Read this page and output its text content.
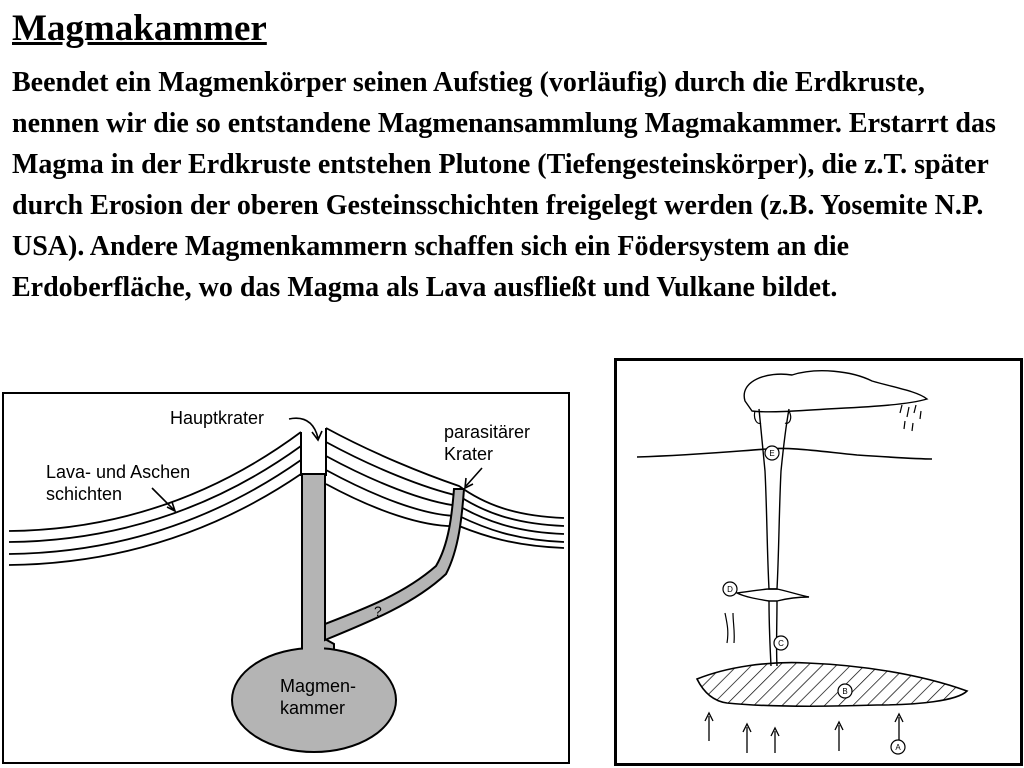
Magmakammer

Beendet ein Magmenkörper seinen Aufstieg (vorläufig) durch die Erdkruste, nennen wir die so entstandene Magmenansammlung Magmakammer. Erstarrt das Magma in der Erdkruste entstehen Plutone (Tiefengesteinskörper), die z.T. später durch Erosion der oberen Gesteinsschichten freigelegt werden (z.B. Yosemite N.P. USA). Andere Magmenkammern schaffen sich ein Födersystem an die Erdoberfläche, wo das Magma als Lava ausfließt und Vulkane bildet.

Hauptkrater
Lava- und Aschen
schichten
parasitärer
Krater
?
Magmen-
kammer
E
D
C
B
A
